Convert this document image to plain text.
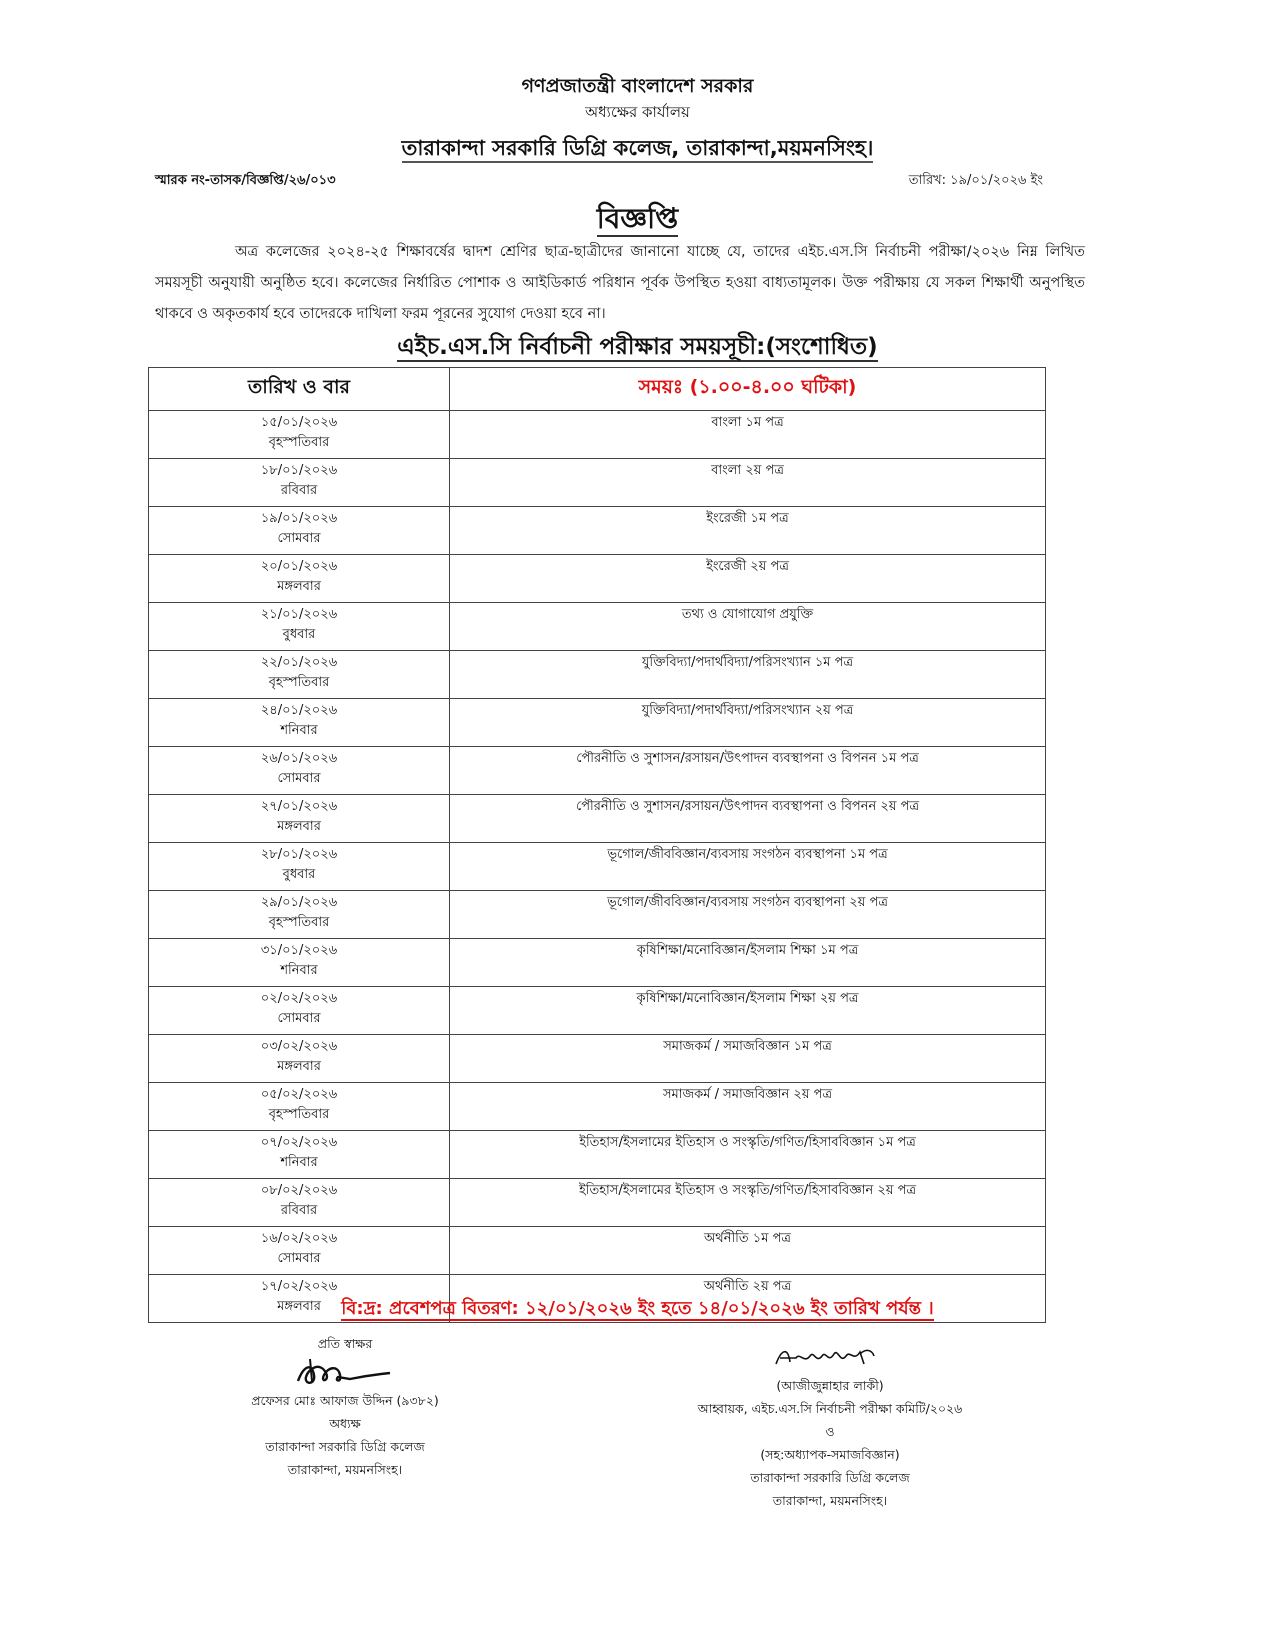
গণপ্রজাতন্ত্রী বাংলাদেশ সরকার
অধ্যক্ষের কার্যালয়
তারাকান্দা সরকারি ডিগ্রি কলেজ, তারাকান্দা,ময়মনসিংহ।
স্মারক নং-তাসক/বিজ্ঞপ্তি/২৬/০১৩	তারিখ: ১৯/০১/২০২৬ ইং
বিজ্ঞপ্তি
অত্র কলেজের ২০২৪-২৫ শিক্ষাবর্ষের দ্বাদশ শ্রেণির ছাত্র-ছাত্রীদের জানানো যাচ্ছে যে, তাদের এইচ.এস.সি নির্বাচনী পরীক্ষা/২০২৬ নিম্ন লিখিত সময়সূচী অনুযায়ী অনুষ্ঠিত হবে। কলেজের নির্ধারিত পোশাক ও আইডিকার্ড পরিধান পূর্বক উপস্থিত হওয়া বাধ্যতামূলক। উক্ত পরীক্ষায় যে সকল শিক্ষার্থী অনুপস্থিত থাকবে ও অকৃতকার্য হবে তাদেরকে দাখিলা ফরম পূরনের সুযোগ দেওয়া হবে না।
এইচ.এস.সি নির্বাচনী পরীক্ষার সময়সূচী:(সংশোধিত)
তারিখ ও বার	সময়ঃ (১.০০-৪.০০ ঘটিকা)

১৫/০১/২০২৬
বৃহস্পতিবার	বাংলা ১ম পত্র

১৮/০১/২০২৬
রবিবার	বাংলা ২য় পত্র

১৯/০১/২০২৬
সোমবার	ইংরেজী ১ম পত্র

২০/০১/২০২৬
মঙ্গলবার	ইংরেজী ২য় পত্র

২১/০১/২০২৬
বুধবার	তথ্য ও যোগাযোগ প্রযুক্তি

২২/০১/২০২৬
বৃহস্পতিবার	যুক্তিবিদ্যা/পদার্থবিদ্যা/পরিসংখ্যান ১ম পত্র

২৪/০১/২০২৬
শনিবার	যুক্তিবিদ্যা/পদার্থবিদ্যা/পরিসংখ্যান ২য় পত্র

২৬/০১/২০২৬
সোমবার	পৌরনীতি ও সুশাসন/রসায়ন/উৎপাদন ব্যবস্থাপনা ও বিপনন ১ম পত্র

২৭/০১/২০২৬
মঙ্গলবার	পৌরনীতি ও সুশাসন/রসায়ন/উৎপাদন ব্যবস্থাপনা ও বিপনন ২য় পত্র

২৮/০১/২০২৬
বুধবার	ভূগোল/জীববিজ্ঞান/ব্যবসায় সংগঠন ব্যবস্থাপনা ১ম পত্র

২৯/০১/২০২৬
বৃহস্পতিবার	ভূগোল/জীববিজ্ঞান/ব্যবসায় সংগঠন ব্যবস্থাপনা ২য় পত্র

৩১/০১/২০২৬
শনিবার	কৃষিশিক্ষা/মনোবিজ্ঞান/ইসলাম শিক্ষা ১ম পত্র

০২/০২/২০২৬
সোমবার	কৃষিশিক্ষা/মনোবিজ্ঞান/ইসলাম শিক্ষা ২য় পত্র

০৩/০২/২০২৬
মঙ্গলবার	সমাজকর্ম / সমাজবিজ্ঞান ১ম পত্র

০৫/০২/২০২৬
বৃহস্পতিবার	সমাজকর্ম / সমাজবিজ্ঞান ২য় পত্র

০৭/০২/২০২৬
শনিবার	ইতিহাস/ইসলামের ইতিহাস ও সংস্কৃতি/গণিত/হিসাববিজ্ঞান ১ম পত্র

০৮/০২/২০২৬
রবিবার	ইতিহাস/ইসলামের ইতিহাস ও সংস্কৃতি/গণিত/হিসাববিজ্ঞান ২য় পত্র

১৬/০২/২০২৬
সোমবার	অর্থনীতি ১ম পত্র

১৭/০২/২০২৬
মঙ্গলবার	অর্থনীতি ২য় পত্র
বি:দ্র: প্রবেশপত্র বিতরণ: ১২/০১/২০২৬ ইং হতে ১৪/০১/২০২৬ ইং তারিখ পর্যন্ত ।
প্রতি স্বাক্ষর
প্রফেসর মোঃ আফাজ উদ্দিন (৯৩৮২)
অধ্যক্ষ
তারাকান্দা সরকারি ডিগ্রি কলেজ
তারাকান্দা, ময়মনসিংহ।
(আজীজুন্নাহার লাকী)
আহ্বায়ক, এইচ.এস.সি নির্বাচনী পরীক্ষা কমিটি/২০২৬
ও
(সহ:অধ্যাপক-সমাজবিজ্ঞান)
তারাকান্দা সরকারি ডিগ্রি কলেজ
তারাকান্দা, ময়মনসিংহ।
